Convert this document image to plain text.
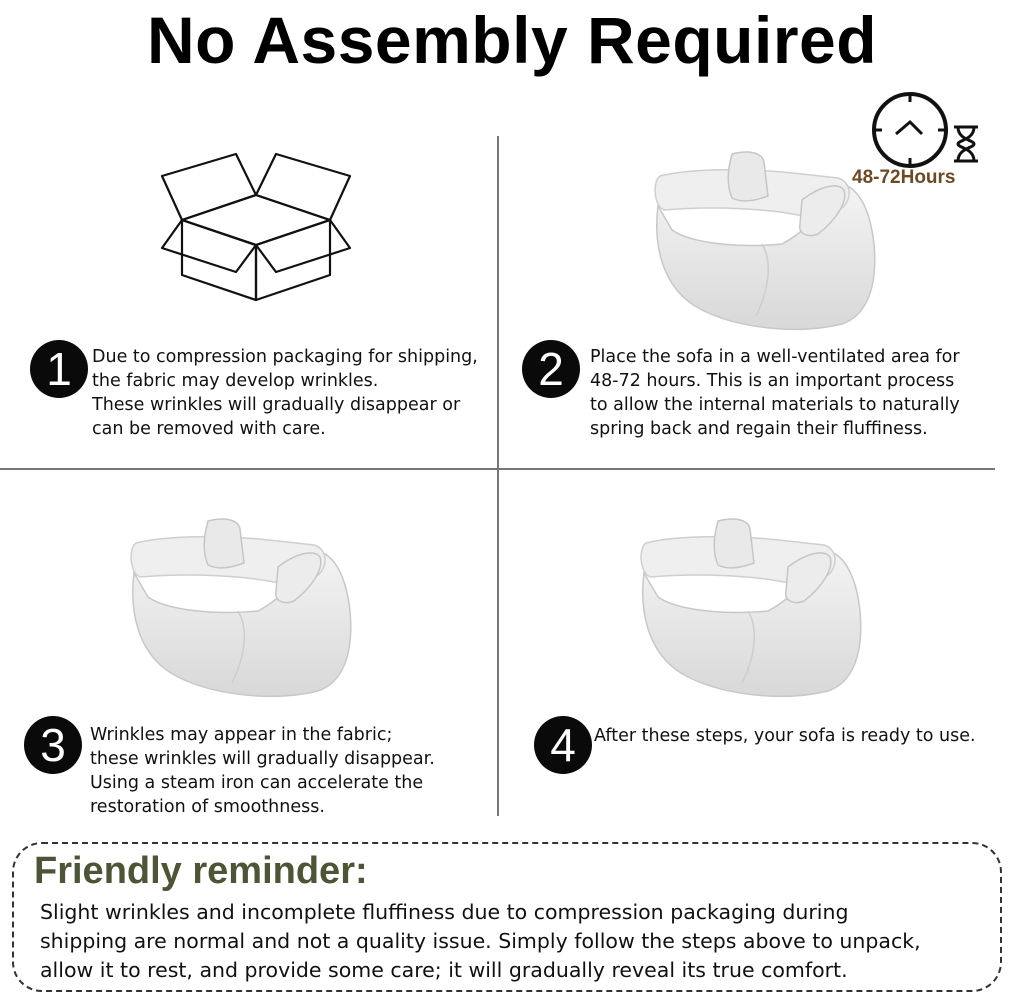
No Assembly Required
1	Due to compression packaging for shipping,
the fabric may develop wrinkles.
These wrinkles will gradually disappear or
can be removed with care.
48-72Hours
2	Place the sofa in a well-ventilated area for
48-72 hours. This is an important process
to allow the internal materials to naturally
spring back and regain their fluffiness.
3	Wrinkles may appear in the fabric;
these wrinkles will gradually disappear.
Using a steam iron can accelerate the
restoration of smoothness.
4	After these steps, your sofa is ready to use.
Friendly reminder:
Slight wrinkles and incomplete fluffiness due to compression packaging during
shipping are normal and not a quality issue. Simply follow the steps above to unpack,
allow it to rest, and provide some care; it will gradually reveal its true comfort.
